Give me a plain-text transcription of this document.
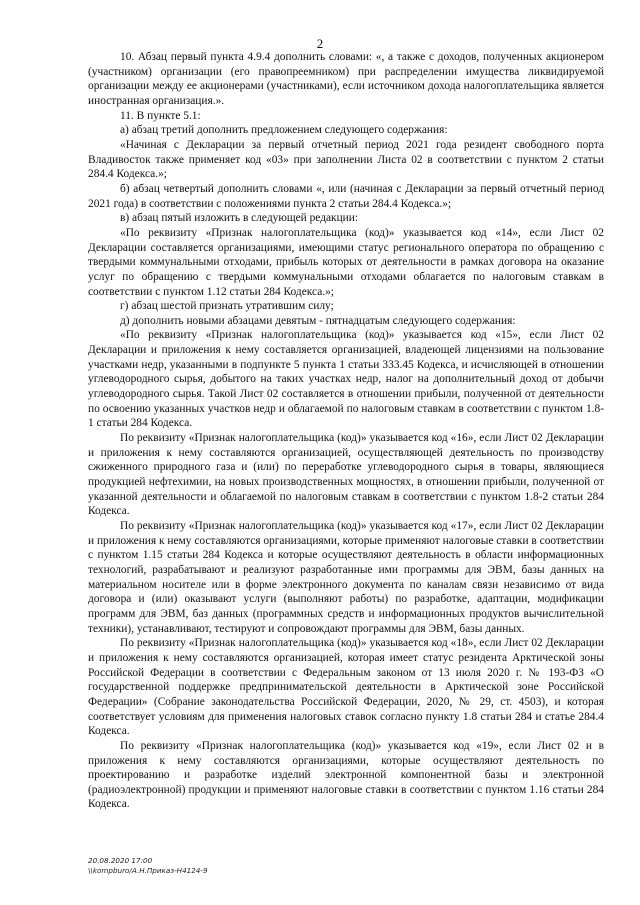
2

10. Абзац первый пункта 4.9.4 дополнить словами: «, а также с доходов, полученных акционером (участником) организации (его правопреемником) при распределении имущества ликвидируемой организации между ее акционерами (участниками), если источником дохода налогоплательщика является иностранная организация.».

11. В пункте 5.1:

а) абзац третий дополнить предложением следующего содержания:

«Начиная с Декларации за первый отчетный период 2021 года резидент свободного порта Владивосток также применяет код «03» при заполнении Листа 02 в соответствии с пунктом 2 статьи 284.4 Кодекса.»;

б) абзац четвертый дополнить словами «, или (начиная с Декларации за первый отчетный период 2021 года) в соответствии с положениями пункта 2 статьи 284.4 Кодекса.»;

в) абзац пятый изложить в следующей редакции:

«По реквизиту «Признак налогоплательщика (код)» указывается код «14», если Лист 02 Декларации составляется организациями, имеющими статус регионального оператора по обращению с твердыми коммунальными отходами, прибыль которых от деятельности в рамках договора на оказание услуг по обращению с твердыми коммунальными отходами облагается по налоговым ставкам в соответствии с пунктом 1.12 статьи 284 Кодекса.»;

г) абзац шестой признать утратившим силу;

д) дополнить новыми абзацами девятым - пятнадцатым следующего содержания:

«По реквизиту «Признак налогоплательщика (код)» указывается код «15», если Лист 02 Декларации и приложения к нему составляется организацией, владеющей лицензиями на пользование участками недр, указанными в подпункте 5 пункта 1 статьи 333.45 Кодекса, и исчисляющей в отношении углеводородного сырья, добытого на таких участках недр, налог на дополнительный доход от добычи углеводородного сырья. Такой Лист 02 составляется в отношении прибыли, полученной от деятельности по освоению указанных участков недр и облагаемой по налоговым ставкам в соответствии с пунктом 1.8-1 статьи 284 Кодекса.

По реквизиту «Признак налогоплательщика (код)» указывается код «16», если Лист 02 Декларации и приложения к нему составляются организацией, осуществляющей деятельность по производству сжиженного природного газа и (или) по переработке углеводородного сырья в товары, являющиеся продукцией нефтехимии, на новых производственных мощностях, в отношении прибыли, полученной от указанной деятельности и облагаемой по налоговым ставкам в соответствии с пунктом 1.8-2 статьи 284 Кодекса.

По реквизиту «Признак налогоплательщика (код)» указывается код «17», если Лист 02 Декларации и приложения к нему составляются организациями, которые применяют налоговые ставки в соответствии с пунктом 1.15 статьи 284 Кодекса и которые осуществляют деятельность в области информационных технологий, разрабатывают и реализуют разработанные ими программы для ЭВМ, базы данных на материальном носителе или в форме электронного документа по каналам связи независимо от вида договора и (или) оказывают услуги (выполняют работы) по разработке, адаптации, модификации программ для ЭВМ, баз данных (программных средств и информационных продуктов вычислительной техники), устанавливают, тестируют и сопровождают программы для ЭВМ, базы данных.

По реквизиту «Признак налогоплательщика (код)» указывается код «18», если Лист 02 Декларации и приложения к нему составляются организацией, которая имеет статус резидента Арктической зоны Российской Федерации в соответствии с Федеральным законом от 13 июля 2020 г. № 193-ФЗ «О государственной поддержке предпринимательской деятельности в Арктической зоне Российской Федерации» (Собрание законодательства Российской Федерации, 2020, № 29, ст. 4503), и которая соответствует условиям для применения налоговых ставок согласно пункту 1.8 статьи 284 и статье 284.4 Кодекса.

По реквизиту «Признак налогоплательщика (код)» указывается код «19», если Лист 02 и в приложения к нему составляются организациями, которые осуществляют деятельность по проектированию и разработке изделий электронной компонентной базы и электронной (радиоэлектронной) продукции и применяют налоговые ставки в соответствии с пунктом 1.16 статьи 284 Кодекса.

20.08.2020 17:00
\\kompburo/A.H.Приказ-Н4124-9
